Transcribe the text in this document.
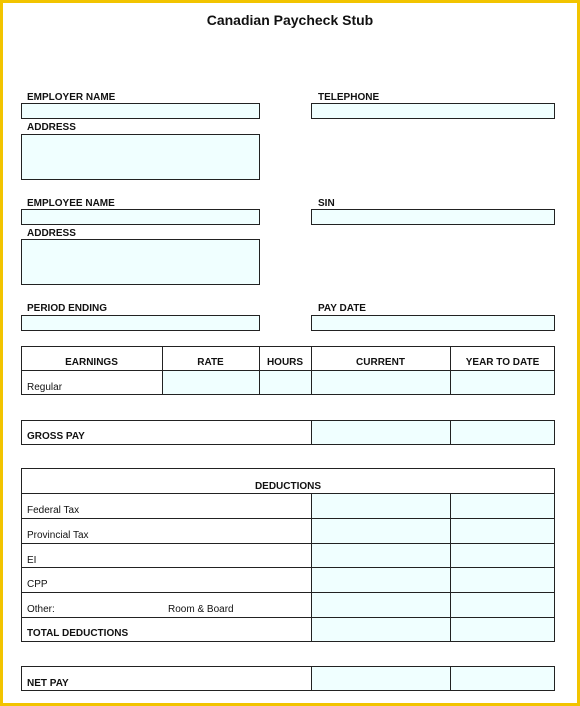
Canadian Paycheck Stub
EMPLOYER NAME	TELEPHONE
ADDRESS
EMPLOYEE NAME	SIN
ADDRESS
PERIOD ENDING	PAY DATE
EARNINGS	RATE	HOURS	CURRENT	YEAR TO DATE
Regular
GROSS PAY
DEDUCTIONS
Federal Tax
Provincial Tax
EI
CPP
Other:	Room & Board
TOTAL DEDUCTIONS
NET PAY
